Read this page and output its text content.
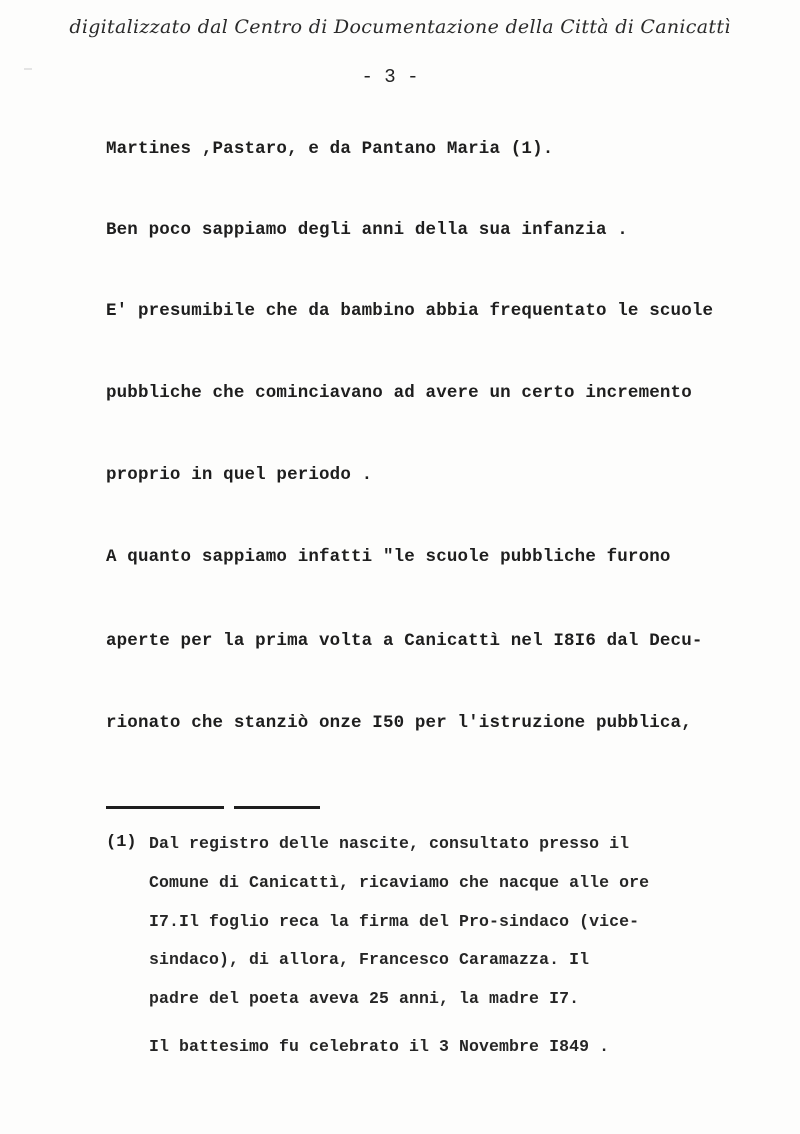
digitalizzato dal Centro di Documentazione della Città di Canicattì
- 3 -
Martines ,Pastaro, e da Pantano Maria (1).
Ben poco sappiamo degli anni della sua infanzia .
E' presumibile che da bambino abbia frequentato le scuole
pubbliche che cominciavano ad avere un certo incremento
proprio in quel periodo .
A quanto sappiamo infatti "le scuole pubbliche furono
aperte per la prima volta a Canicattì nel I8I6 dal Decu-
rionato che stanziò onze I50 per l'istruzione pubblica,
(1) Dal registro delle nascite, consultato presso il
Comune di Canicattì, ricaviamo che nacque alle ore
I7.Il foglio reca la firma del Pro-sindaco (vice-
sindaco), di allora, Francesco Caramazza. Il
padre del poeta aveva 25 anni, la madre I7.
Il battesimo fu celebrato il 3 Novembre I849 .
